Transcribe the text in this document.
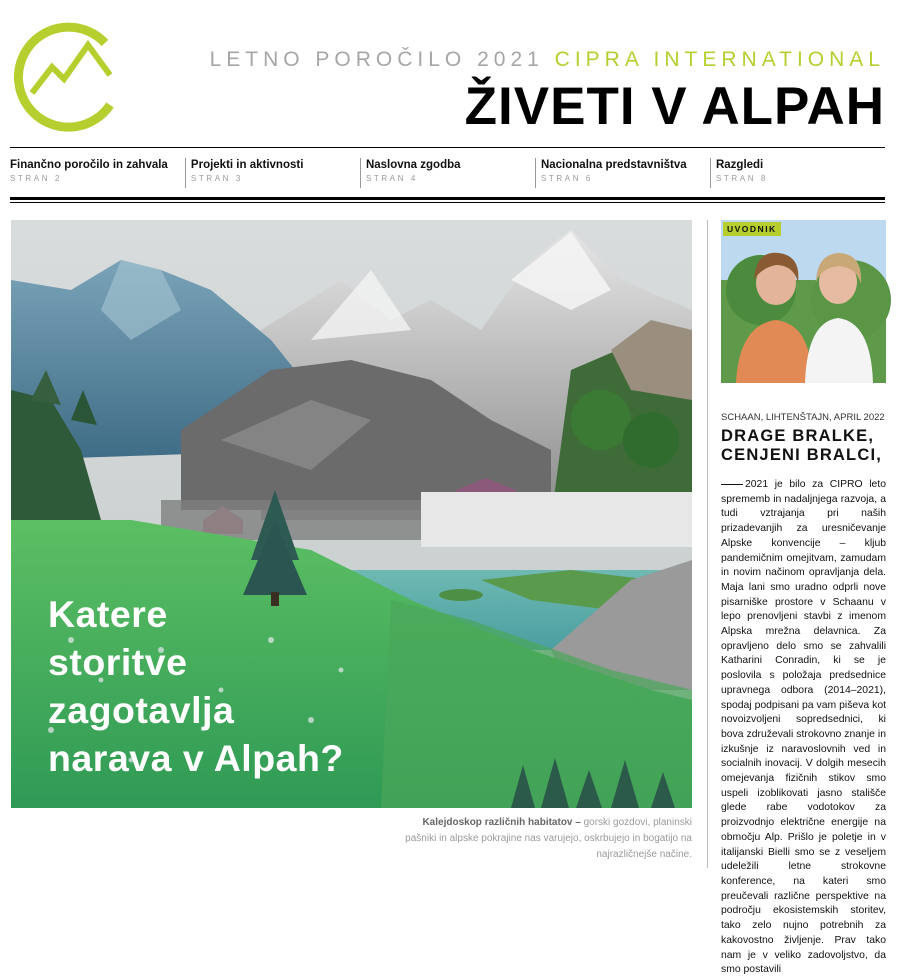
LETNO POROČILO 2021 CIPRA INTERNATIONAL
ŽIVETI V ALPAH
Finančno poročilo in zahvala
STRAN 2
Projekti in aktivnosti
STRAN 3
Naslovna zgodba
STRAN 4
Nacionalna predstavništva
STRAN 6
Razgledi
STRAN 8
Katere
storitve
zagotavlja
narava v Alpah?
Kalejdoskop različnih habitatov – gorski gozdovi, planinski pašniki in alpske pokrajine nas varujejo, oskrbujejo in bogatijo na najrazličnejše načine.
UVODNIK
SCHAAN, LIHTENŠTAJN, APRIL 2022
DRAGE BRALKE,
CENJENI BRALCI,
2021 je bilo za CIPRO leto sprememb in nadaljnjega razvoja, a tudi vztrajanja pri naših prizadevanjih za uresničevanje Alpske konvencije – kljub pandemičnim omejitvam, zamudam in novim načinom opravljanja dela. Maja lani smo uradno odprli nove pisarniške prostore v Schaanu v lepo prenovljeni stavbi z imenom Alpska mrežna delavnica. Za opravljeno delo smo se zahvalili Katharini Conradin, ki se je poslovila s položaja predsednice upravnega odbora (2014–2021), spodaj podpisani pa vam piševa kot novoizvoljeni sopredsednici, ki bova združevali strokovno znanje in izkušnje iz naravoslovnih ved in socialnih inovacij. V dolgih mesecih omejevanja fizičnih stikov smo uspeli izoblikovati jasno stališče glede rabe vodotokov za proizvodnjo električne energije na območju Alp. Prišlo je poletje in v italijanski Bielli smo se z veseljem udeležili letne strokovne konference, na kateri smo preučevali različne perspektive na področju ekosistemskih storitev, tako zelo nujno potrebnih za kakovostno življenje. Prav tako nam je v veliko zadovoljstvo, da smo postavili
